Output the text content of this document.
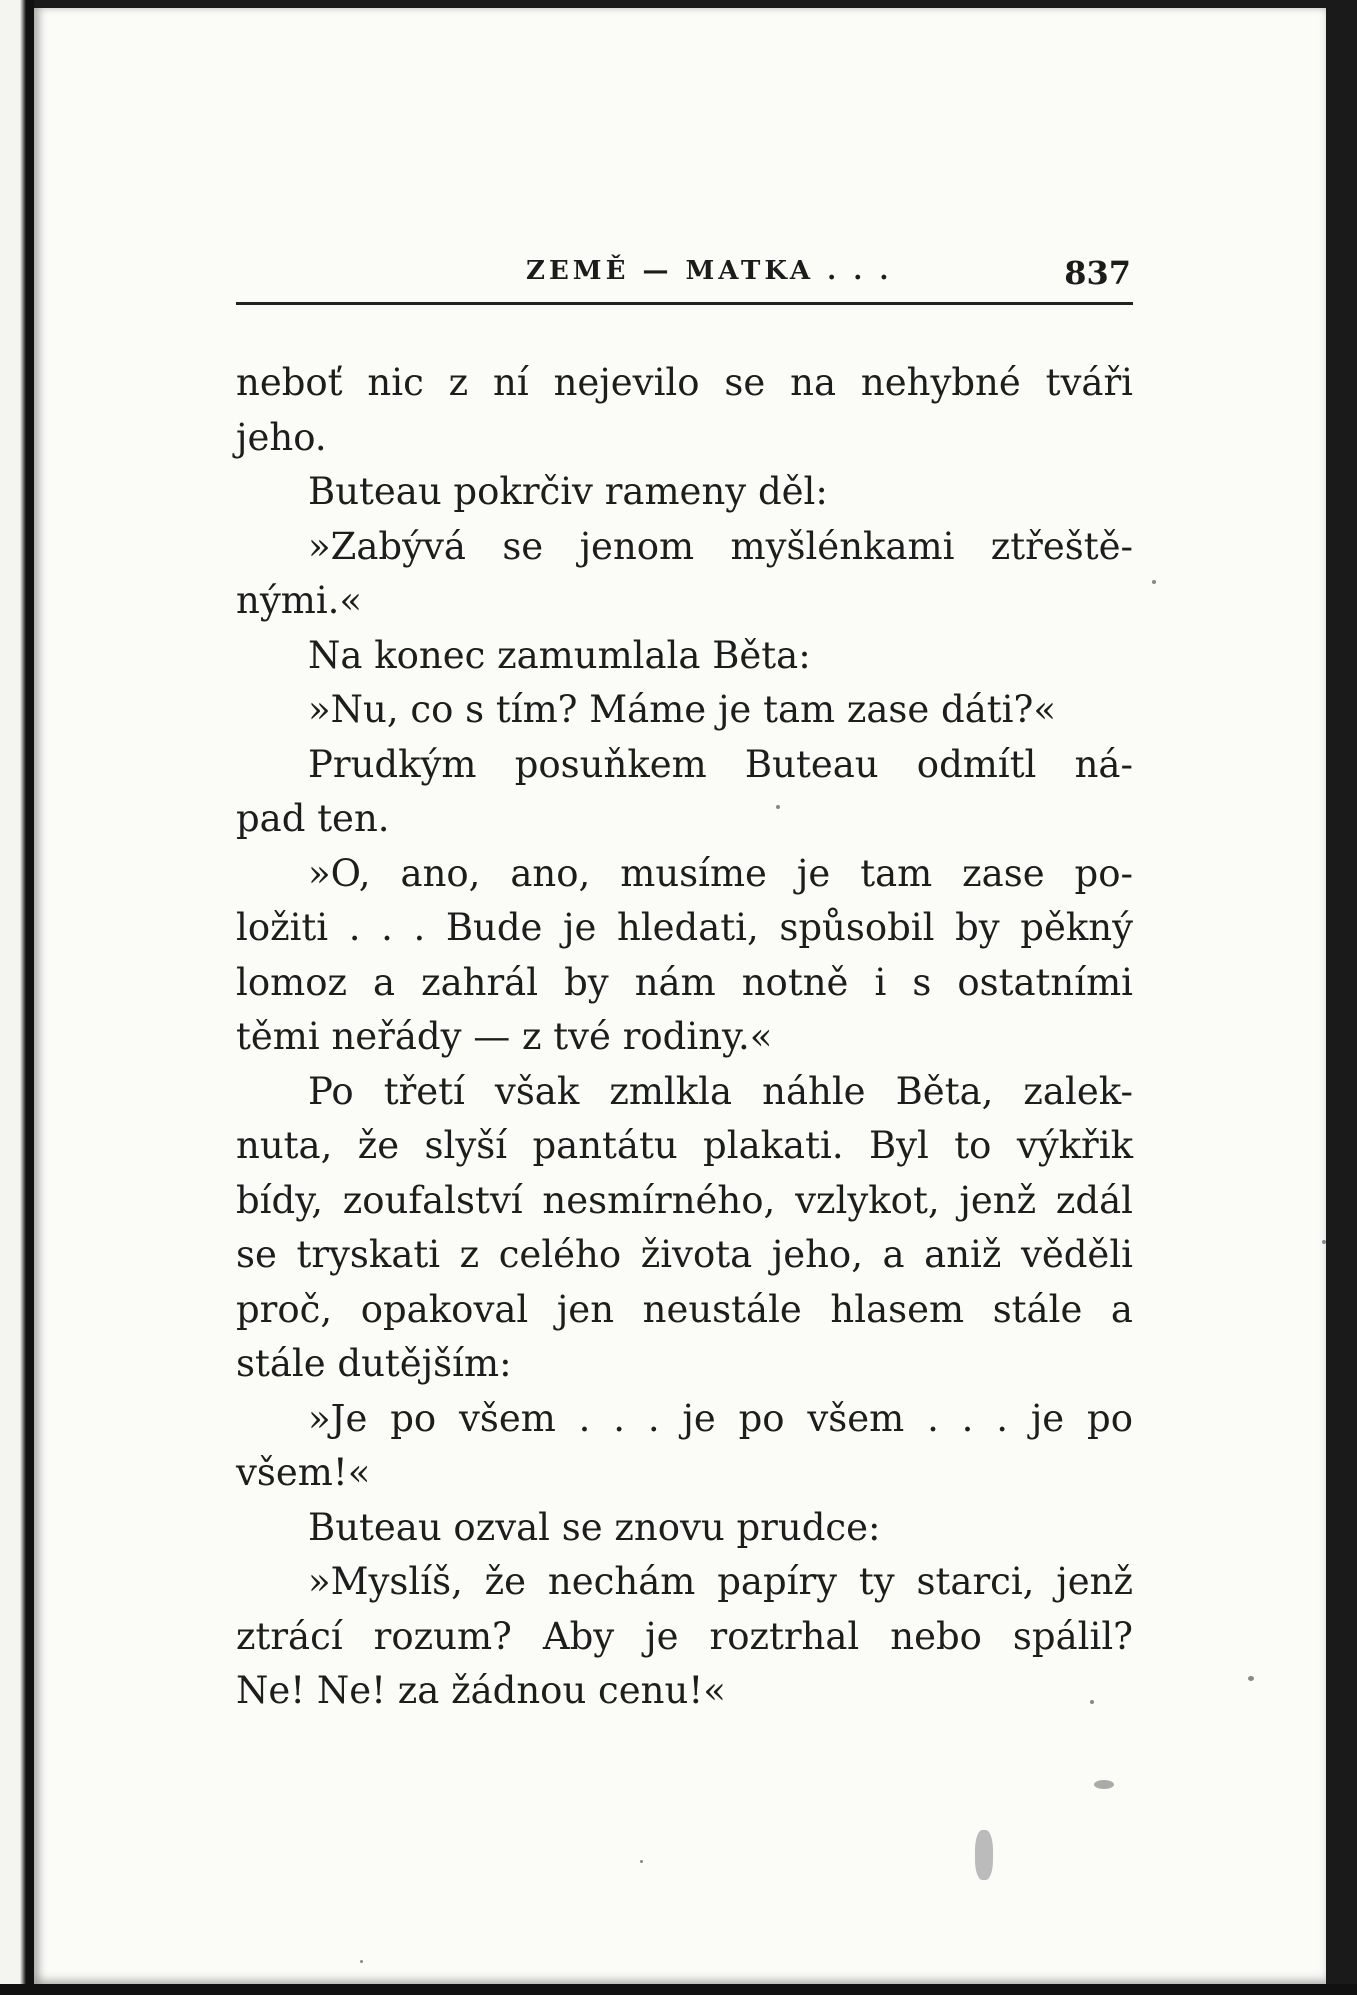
ZEMĚ — MATKA . . .	837
neboť nic z ní nejevilo se na nehybné tváři
jeho.
Buteau pokrčiv rameny děl:
»Zabývá se jenom myšlénkami ztřeště-
nými.«
Na konec zamumlala Běta:
»Nu, co s tím? Máme je tam zase dáti?«
Prudkým posuňkem Buteau odmítl ná-
pad ten.
»O, ano, ano, musíme je tam zase po-
ložiti . . . Bude je hledati, spůsobil by pěkný
lomoz a zahrál by nám notně i s ostatními
těmi neřády — z tvé rodiny.«
Po třetí však zmlkla náhle Běta, zalek-
nuta, že slyší pantátu plakati. Byl to výkřik
bídy, zoufalství nesmírného, vzlykot, jenž zdál
se tryskati z celého života jeho, a aniž věděli
proč, opakoval jen neustále hlasem stále a
stále dutějším:
»Je po všem . . . je po všem . . . je po
všem!«
Buteau ozval se znovu prudce:
»Myslíš, že nechám papíry ty starci, jenž
ztrácí rozum? Aby je roztrhal nebo spálil?
Ne! Ne! za žádnou cenu!«
